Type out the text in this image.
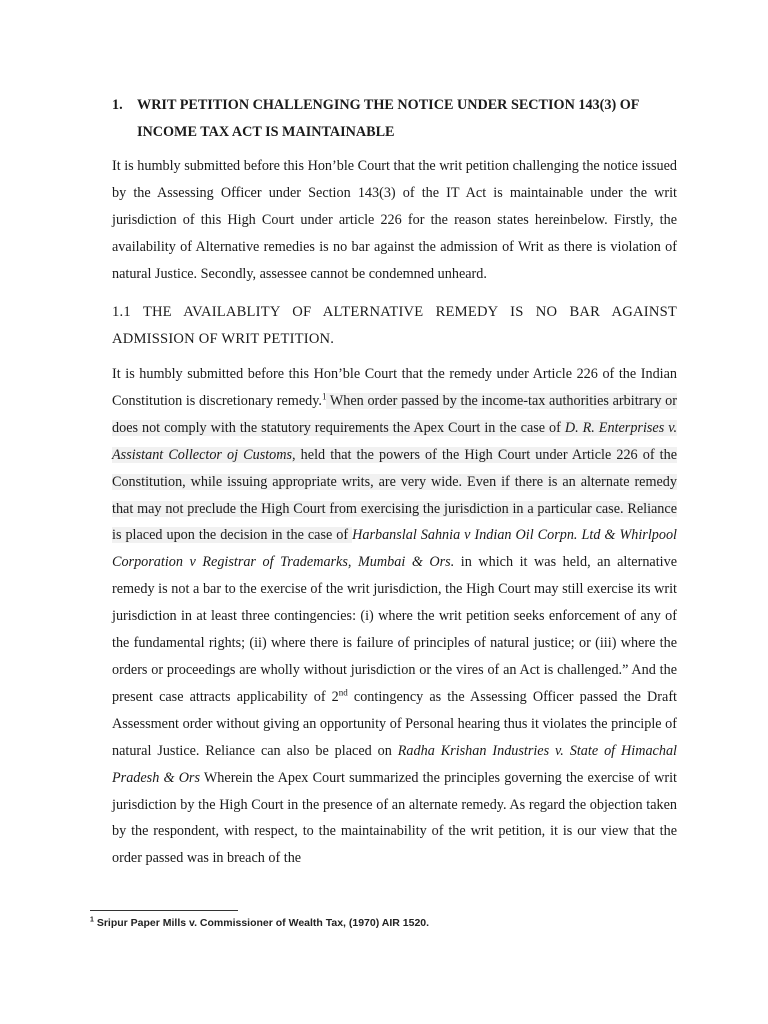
1.	WRIT PETITION CHALLENGING THE NOTICE UNDER SECTION 143(3) OF INCOME TAX ACT IS MAINTAINABLE
It is humbly submitted before this Hon’ble Court that the writ petition challenging the notice issued by the Assessing Officer under Section 143(3) of the IT Act is maintainable under the writ jurisdiction of this High Court under article 226 for the reason states hereinbelow. Firstly, the availability of Alternative remedies is no bar against the admission of Writ as there is violation of natural Justice. Secondly, assessee cannot be condemned unheard.
1.1 THE AVAILABLITY OF ALTERNATIVE REMEDY IS NO BAR AGAINST ADMISSION OF WRIT PETITION.
It is humbly submitted before this Hon’ble Court that the remedy under Article 226 of the Indian Constitution is discretionary remedy.$^1$ When order passed by the income-tax authorities arbitrary or does not comply with the statutory requirements the Apex Court in the case of D. R. Enterprises v. Assistant Collector oj Customs, held that the powers of the High Court under Article 226 of the Constitution, while issuing appropriate writs, are very wide. Even if there is an alternate remedy that may not preclude the High Court from exercising the jurisdiction in a particular case. Reliance is placed upon the decision in the case of Harbanslal Sahnia v Indian Oil Corpn. Ltd & Whirlpool Corporation v Registrar of Trademarks, Mumbai & Ors. in which it was held, an alternative remedy is not a bar to the exercise of the writ jurisdiction, the High Court may still exercise its writ jurisdiction in at least three contingencies: (i) where the writ petition seeks enforcement of any of the fundamental rights; (ii) where there is failure of principles of natural justice; or (iii) where the orders or proceedings are wholly without jurisdiction or the vires of an Act is challenged.” And the present case attracts applicability of 2nd contingency as the Assessing Officer passed the Draft Assessment order without giving an opportunity of Personal hearing thus it violates the principle of natural Justice. Reliance can also be placed on Radha Krishan Industries v. State of Himachal Pradesh & Ors Wherein the Apex Court summarized the principles governing the exercise of writ jurisdiction by the High Court in the presence of an alternate remedy. As regard the objection taken by the respondent, with respect, to the maintainability of the writ petition, it is our view that the order passed was in breach of the
$^1$ Sripur Paper Mills v. Commissioner of Wealth Tax, (1970) AIR 1520.
